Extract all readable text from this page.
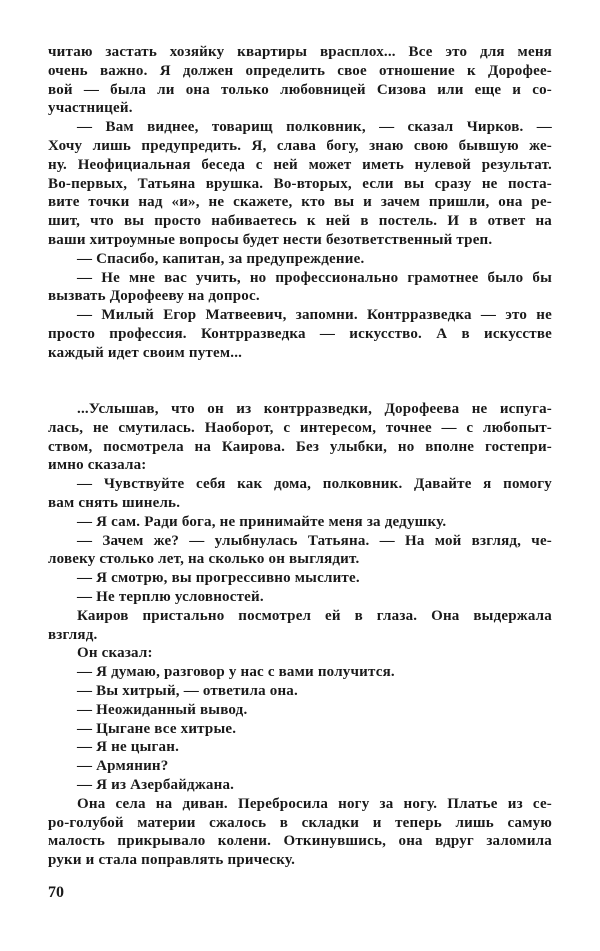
читаю застать хозяйку квартиры врасплох... Все это для меня
очень важно. Я должен определить свое отношение к Дорофее-
вой — была ли она только любовницей Сизова или еще и со-
участницей.
— Вам виднее, товарищ полковник, — сказал Чирков. —
Хочу лишь предупредить. Я, слава богу, знаю свою бывшую же-
ну. Неофициальная беседа с ней может иметь нулевой результат.
Во-первых, Татьяна врушка. Во-вторых, если вы сразу не поста-
вите точки над «и», не скажете, кто вы и зачем пришли, она ре-
шит, что вы просто набиваетесь к ней в постель. И в ответ на
ваши хитроумные вопросы будет нести безответственный треп.
— Спасибо, капитан, за предупреждение.
— Не мне вас учить, но профессионально грамотнее было бы
вызвать Дорофееву на допрос.
— Милый Егор Матвеевич, запомни. Контрразведка — это не
просто профессия. Контрразведка — искусство. А в искусстве
каждый идет своим путем...
...Услышав, что он из контрразведки, Дорофеева не испуга-
лась, не смутилась. Наоборот, с интересом, точнее — с любопыт-
ством, посмотрела на Каирова. Без улыбки, но вполне гостепри-
имно сказала:
— Чувствуйте себя как дома, полковник. Давайте я помогу
вам снять шинель.
— Я сам. Ради бога, не принимайте меня за дедушку.
— Зачем же? — улыбнулась Татьяна. — На мой взгляд, че-
ловеку столько лет, на сколько он выглядит.
— Я смотрю, вы прогрессивно мыслите.
— Не терплю условностей.
Каиров пристально посмотрел ей в глаза. Она выдержала
взгляд.
Он сказал:
— Я думаю, разговор у нас с вами получится.
— Вы хитрый, — ответила она.
— Неожиданный вывод.
— Цыгане все хитрые.
— Я не цыган.
— Армянин?
— Я из Азербайджана.
Она села на диван. Перебросила ногу за ногу. Платье из се-
ро-голубой материи сжалось в складки и теперь лишь самую
малость прикрывало колени. Откинувшись, она вдруг заломила
руки и стала поправлять прическу.
70
